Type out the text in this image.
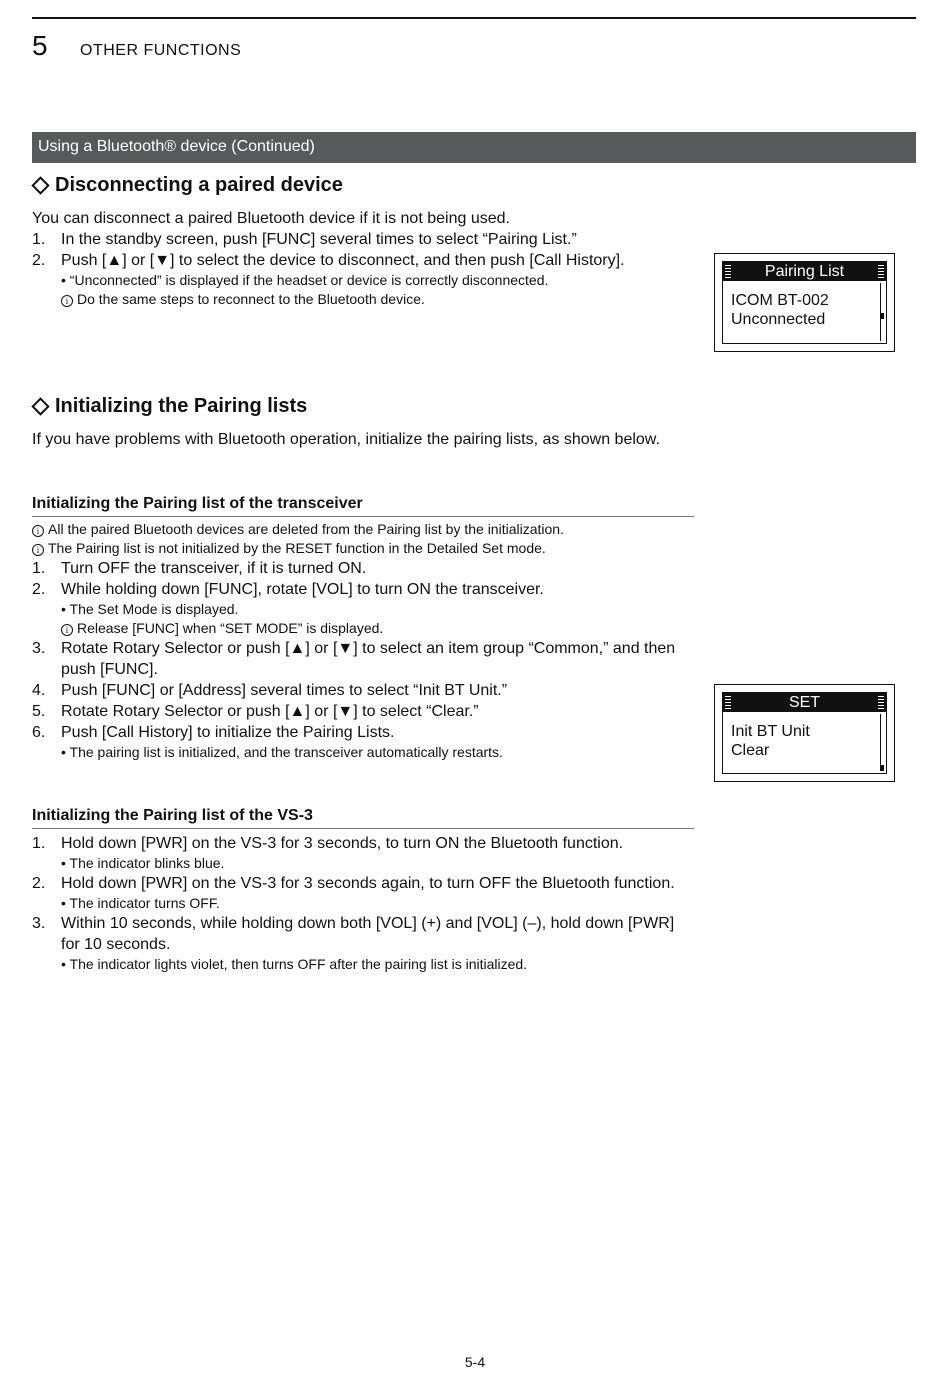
5 OTHER FUNCTIONS
Using a Bluetooth® device (Continued)
Disconnecting a paired device
You can disconnect a paired Bluetooth device if it is not being used.
1. In the standby screen, push [FUNC] several times to select “Pairing List.”
2. Push [▲] or [▼] to select the device to disconnect, and then push [Call History].
• “Unconnected” is displayed if the headset or device is correctly disconnected.
i Do the same steps to reconnect to the Bluetooth device.
Pairing List
ICOM BT-002
Unconnected
Initializing the Pairing lists
If you have problems with Bluetooth operation, initialize the pairing lists, as shown below.
Initializing the Pairing list of the transceiver
i All the paired Bluetooth devices are deleted from the Pairing list by the initialization.
i The Pairing list is not initialized by the RESET function in the Detailed Set mode.
1. Turn OFF the transceiver, if it is turned ON.
2. While holding down [FUNC], rotate [VOL] to turn ON the transceiver.
• The Set Mode is displayed.
i Release [FUNC] when “SET MODE” is displayed.
3. Rotate Rotary Selector or push [▲] or [▼] to select an item group “Common,” and then push [FUNC].
4. Push [FUNC] or [Address] several times to select “Init BT Unit.”
5. Rotate Rotary Selector or push [▲] or [▼] to select “Clear.”
6. Push [Call History] to initialize the Pairing Lists.
• The pairing list is initialized, and the transceiver automatically restarts.
SET
Init BT Unit
Clear
Initializing the Pairing list of the VS-3
1. Hold down [PWR] on the VS-3 for 3 seconds, to turn ON the Bluetooth function.
• The indicator blinks blue.
2. Hold down [PWR] on the VS-3 for 3 seconds again, to turn OFF the Bluetooth function.
• The indicator turns OFF.
3. Within 10 seconds, while holding down both [VOL] (+) and [VOL] (–), hold down [PWR] for 10 seconds.
• The indicator lights violet, then turns OFF after the pairing list is initialized.
5-4
